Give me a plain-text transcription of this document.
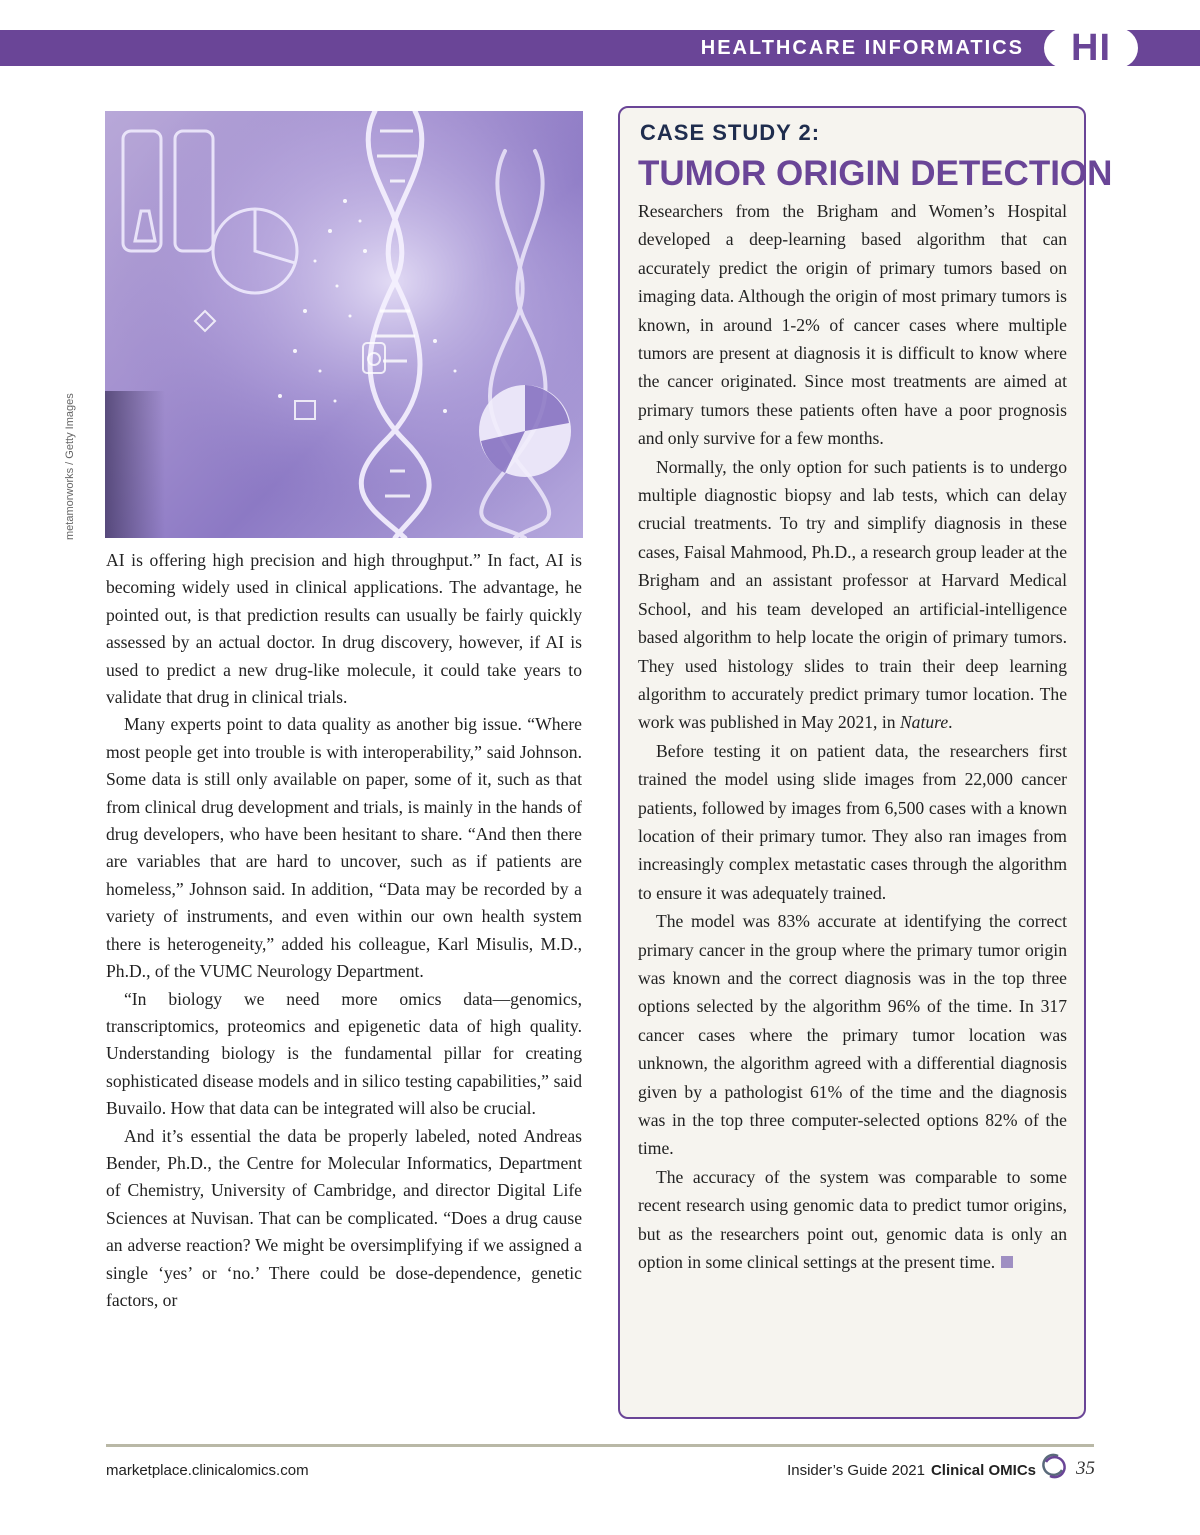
HEALTHCARE INFORMATICS	HI
metamorworks / Getty Images

AI is offering high precision and high throughput.” In fact, AI is becoming widely used in clinical applications. The advantage, he pointed out, is that prediction results can usually be fairly quickly assessed by an actual doctor. In drug discovery, however, if AI is used to predict a new drug-like molecule, it could take years to validate that drug in clinical trials.

Many experts point to data quality as another big issue. “Where most people get into trouble is with interoperability,” said Johnson. Some data is still only available on paper, some of it, such as that from clinical drug development and trials, is mainly in the hands of drug developers, who have been hesitant to share. “And then there are variables that are hard to uncover, such as if patients are homeless,” Johnson said. In addition, “Data may be recorded by a variety of instruments, and even within our own health system there is heterogeneity,” added his colleague, Karl Misulis, M.D., Ph.D., of the VUMC Neurology Department.

“In biology we need more omics data—genomics, transcriptomics, proteomics and epigenetic data of high quality. Understanding biology is the fundamental pillar for creating sophisticated disease models and in silico testing capabilities,” said Buvailo. How that data can be integrated will also be crucial.

And it’s essential the data be properly labeled, noted Andreas Bender, Ph.D., the Centre for Molecular Informatics, Department of Chemistry, University of Cambridge, and director Digital Life Sciences at Nuvisan. That can be complicated. “Does a drug cause an adverse reaction? We might be oversimplifying if we assigned a single ‘yes’ or ‘no.’ There could be dose-dependence, genetic factors, or

CASE STUDY 2:
TUMOR ORIGIN DETECTION

Researchers from the Brigham and Women’s Hospital developed a deep-learning based algorithm that can accurately predict the origin of primary tumors based on imaging data. Although the origin of most primary tumors is known, in around 1-2% of cancer cases where multiple tumors are present at diagnosis it is difficult to know where the cancer originated. Since most treatments are aimed at primary tumors these patients often have a poor prognosis and only survive for a few months.

Normally, the only option for such patients is to undergo multiple diagnostic biopsy and lab tests, which can delay crucial treatments. To try and simplify diagnosis in these cases, Faisal Mahmood, Ph.D., a research group leader at the Brigham and an assistant professor at Harvard Medical School, and his team developed an artificial-intelligence based algorithm to help locate the origin of primary tumors. They used histology slides to train their deep learning algorithm to accurately predict primary tumor location. The work was published in May 2021, in Nature.

Before testing it on patient data, the researchers first trained the model using slide images from 22,000 cancer patients, followed by images from 6,500 cases with a known location of their primary tumor. They also ran images from increasingly complex metastatic cases through the algorithm to ensure it was adequately trained.

The model was 83% accurate at identifying the correct primary cancer in the group where the primary tumor origin was known and the correct diagnosis was in the top three options selected by the algorithm 96% of the time. In 317 cancer cases where the primary tumor location was unknown, the algorithm agreed with a differential diagnosis given by a pathologist 61% of the time and the diagnosis was in the top three computer-selected options 82% of the time.

The accuracy of the system was comparable to some recent research using genomic data to predict tumor origins, but as the researchers point out, genomic data is only an option in some clinical settings at the present time.

marketplace.clinicalomics.com	Insider’s Guide 2021 Clinical OMICs 35
